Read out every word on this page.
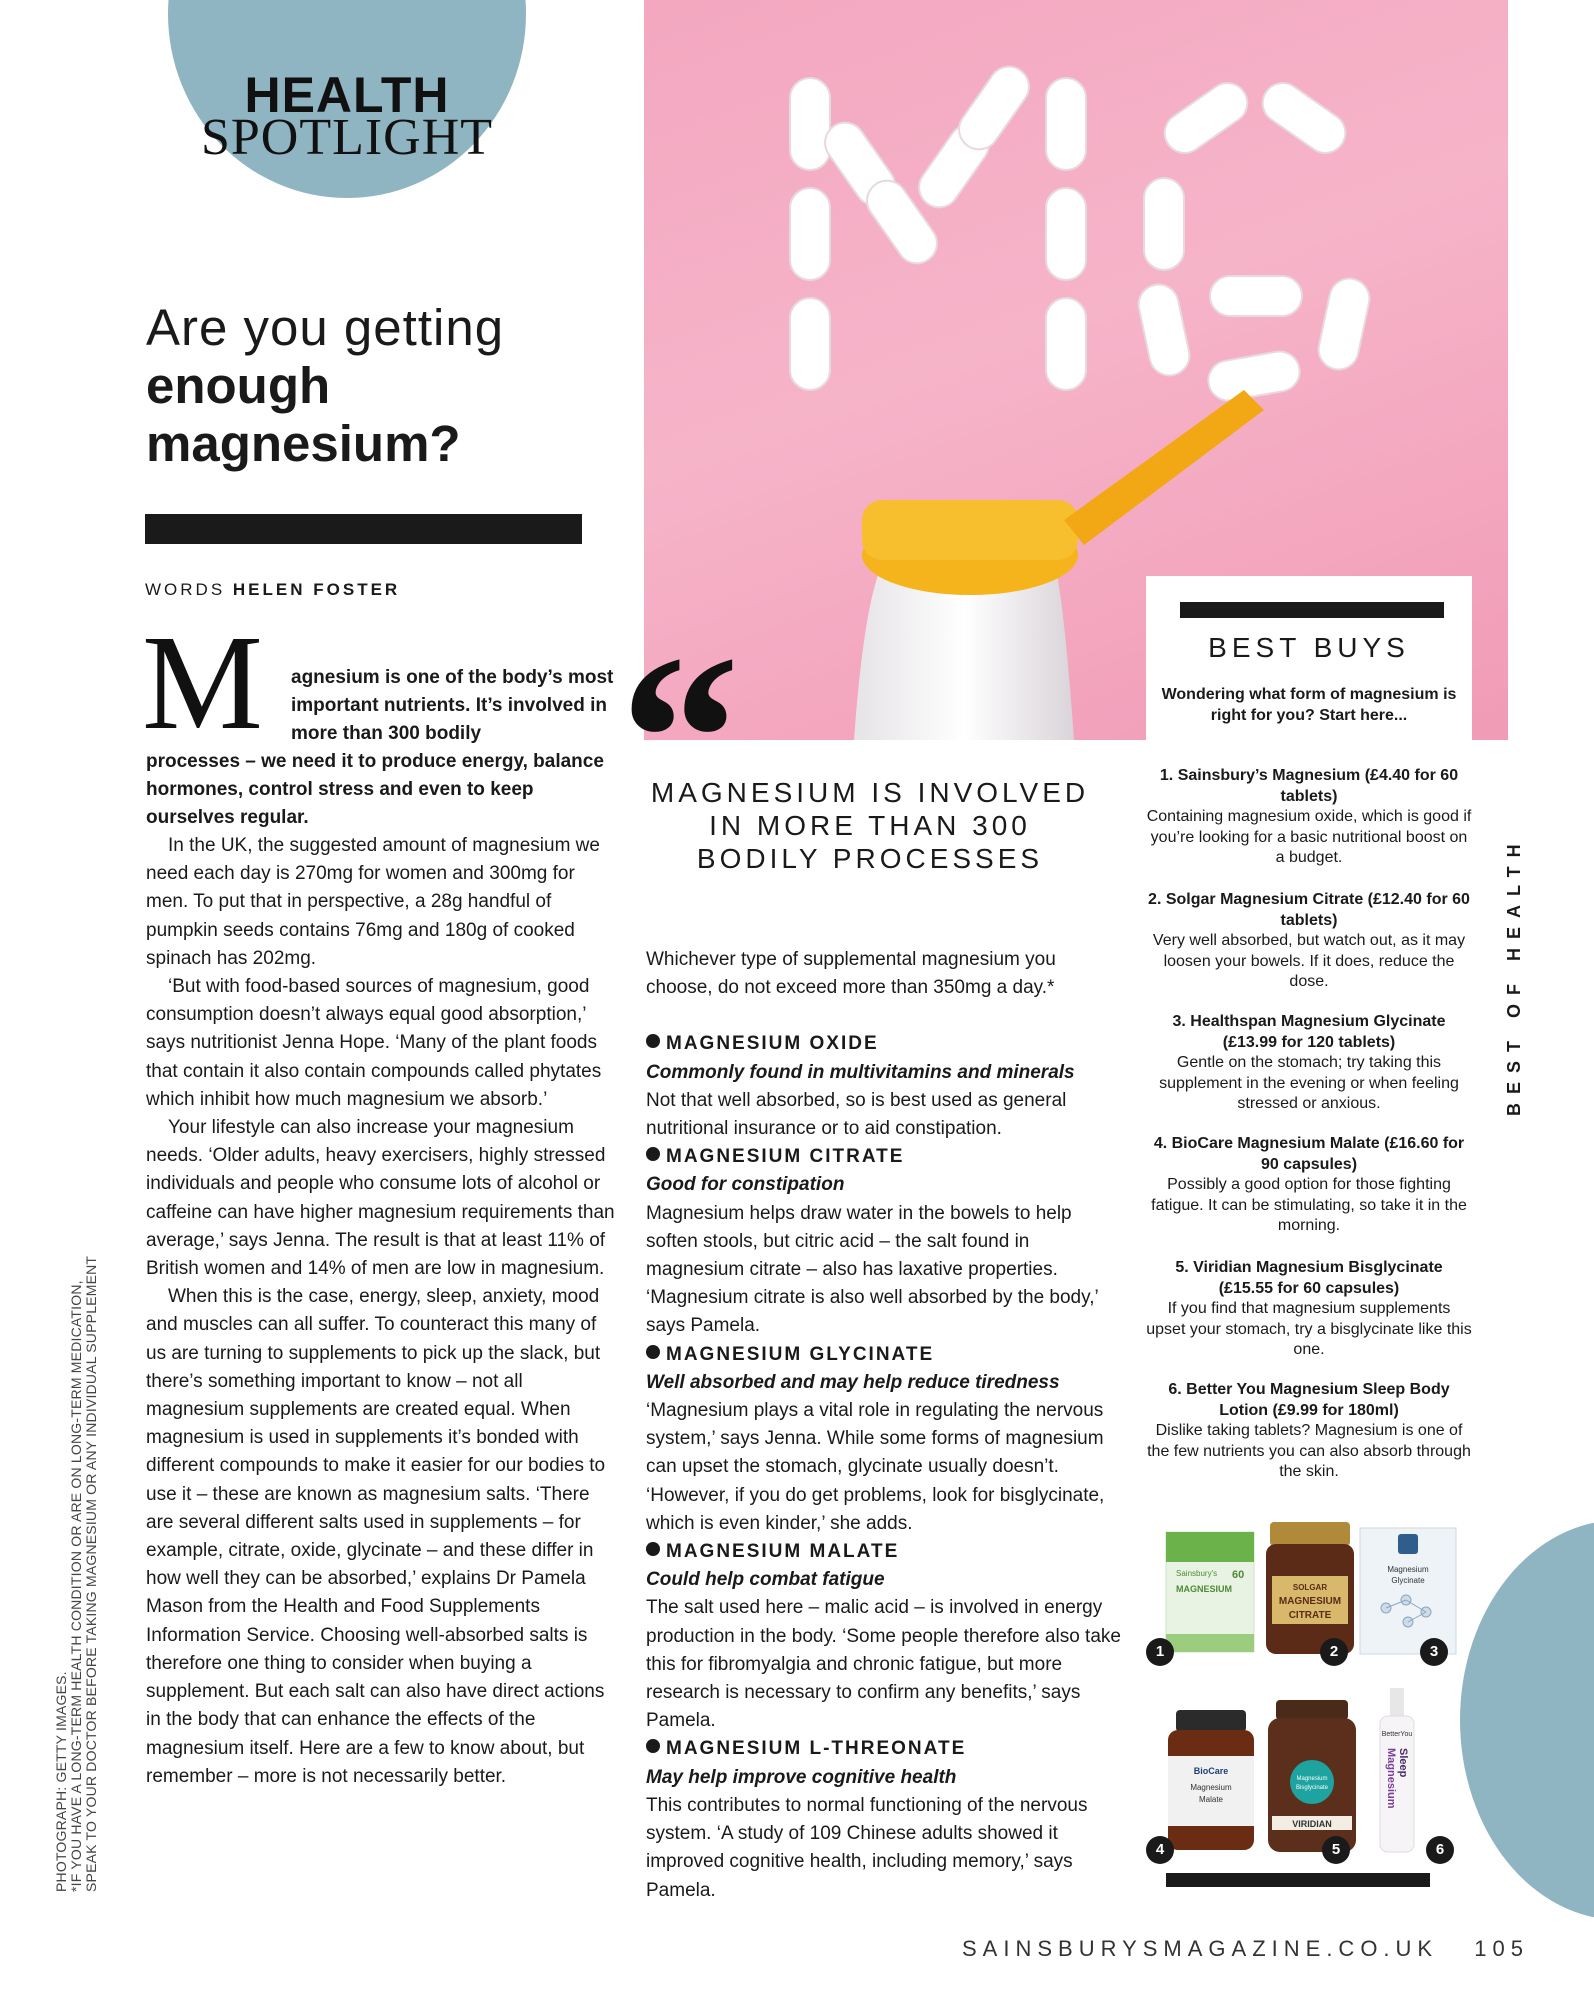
HEALTH
SPOTLIGHT
Are you getting
enough
magnesium?
WORDS HELEN FOSTER
M agnesium is one of the body’s most important nutrients. It’s involved in more than 300 bodily
processes – we need it to produce energy, balance hormones, control stress and even to keep ourselves regular.

In the UK, the suggested amount of magnesium we need each day is 270mg for women and 300mg for men. To put that in perspective, a 28g handful of pumpkin seeds contains 76mg and 180g of cooked spinach has 202mg.

‘But with food-based sources of magnesium, good consumption doesn’t always equal good absorption,’ says nutritionist Jenna Hope. ‘Many of the plant foods that contain it also contain compounds called phytates which inhibit how much magnesium we absorb.’

Your lifestyle can also increase your magnesium needs. ‘Older adults, heavy exercisers, highly stressed individuals and people who consume lots of alcohol or caffeine can have higher magnesium requirements than average,’ says Jenna. The result is that at least 11% of British women and 14% of men are low in magnesium.

When this is the case, energy, sleep, anxiety, mood and muscles can all suffer. To counteract this many of us are turning to supplements to pick up the slack, but there’s something important to know – not all magnesium supplements are created equal. When magnesium is used in supplements it’s bonded with different compounds to make it easier for our bodies to use it – these are known as magnesium salts. ‘There are several different salts used in supplements – for example, citrate, oxide, glycinate – and these differ in how well they can be absorbed,’ explains Dr Pamela Mason from the Health and Food Supplements Information Service. Choosing well-absorbed salts is therefore one thing to consider when buying a supplement. But each salt can also have direct actions in the body that can enhance the effects of the magnesium itself. Here are a few to know about, but remember – more is not necessarily better.

“
MAGNESIUM IS INVOLVED IN MORE THAN 300 BODILY PROCESSES

Whichever type of supplemental magnesium you choose, do not exceed more than 350mg a day.*

MAGNESIUM OXIDE
Commonly found in multivitamins and minerals
Not that well absorbed, so is best used as general nutritional insurance or to aid constipation.
MAGNESIUM CITRATE
Good for constipation
Magnesium helps draw water in the bowels to help soften stools, but citric acid – the salt found in magnesium citrate – also has laxative properties. ‘Magnesium citrate is also well absorbed by the body,’ says Pamela.
MAGNESIUM GLYCINATE
Well absorbed and may help reduce tiredness
‘Magnesium plays a vital role in regulating the nervous system,’ says Jenna. While some forms of magnesium can upset the stomach, glycinate usually doesn’t. ‘However, if you do get problems, look for bisglycinate, which is even kinder,’ she adds.
MAGNESIUM MALATE
Could help combat fatigue
The salt used here – malic acid – is involved in energy production in the body. ‘Some people therefore also take this for fibromyalgia and chronic fatigue, but more research is necessary to confirm any benefits,’ says Pamela.
MAGNESIUM L-THREONATE
May help improve cognitive health
This contributes to normal functioning of the nervous system. ‘A study of 109 Chinese adults showed it improved cognitive health, including memory,’ says Pamela.
BEST BUYS
Wondering what form of magnesium is right for you? Start here...
1. Sainsbury’s Magnesium (£4.40 for 60 tablets)
Containing magnesium oxide, which is good if you’re looking for a basic nutritional boost on a budget.
2. Solgar Magnesium Citrate (£12.40 for 60 tablets)
Very well absorbed, but watch out, as it may loosen your bowels. If it does, reduce the dose.
3. Healthspan Magnesium Glycinate (£13.99 for 120 tablets)
Gentle on the stomach; try taking this supplement in the evening or when feeling stressed or anxious.
4. BioCare Magnesium Malate (£16.60 for 90 capsules)
Possibly a good option for those fighting fatigue. It can be stimulating, so take it in the morning.
5. Viridian Magnesium Bisglycinate (£15.55 for 60 capsules)
If you find that magnesium supplements upset your stomach, try a bisglycinate like this one.
6. Better You Magnesium Sleep Body Lotion (£9.99 for 180ml)
Dislike taking tablets? Magnesium is one of the few nutrients you can also absorb through the skin.
Sainsbury's
MAGNESIUM
60
SOLGAR
MAGNESIUM
CITRATE
Magnesium
Glycinate
BioCare
Magnesium
Malate
Magnesium
Bisglycinate
VIRIDIAN
BetterYou
Magnesium Sleep
1	2	3
4	5	6
BEST OF HEALTH
PHOTOGRAPH: GETTY IMAGES. *IF YOU HAVE A LONG-TERM HEALTH CONDITION OR ARE ON LONG-TERM MEDICATION, SPEAK TO YOUR DOCTOR BEFORE TAKING MAGNESIUM OR ANY INDIVIDUAL SUPPLEMENT
SAINSBURYSMAGAZINE.CO.UK 105
